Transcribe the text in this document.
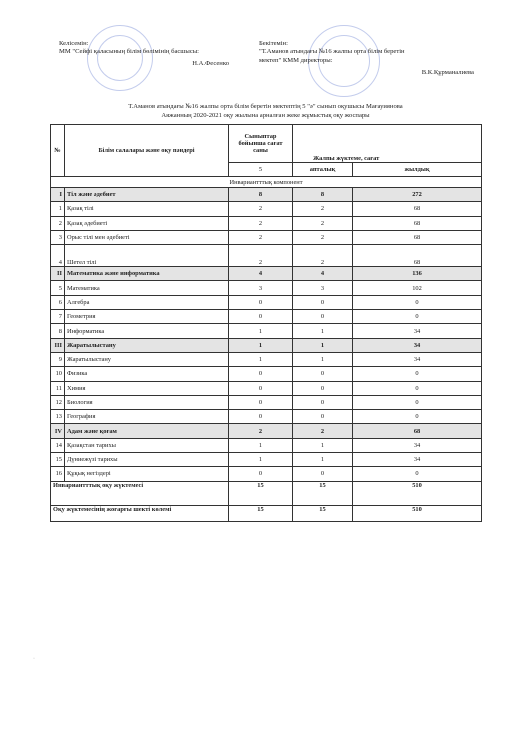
Келісемін:
ММ "Сейфі қаласының білім бөлімінің басшысы:
Н.А.Фесенко
Бекітемін:
"Т.Аманов атындағы №16 жалпы орта білім беретін
мектеп" КММ директоры:
В.К.Құрманалиева
Т.Аманов атындағы №16 жалпы орта білім беретін мектептің 5 "ә" сынып оқушысы Мағауиянова
Аяжанның 2020-2021 оқу жылына арналған жеке жұмыстық оқу жоспары
№	Білім салалары және оқу пәндері	Сыныптар бойынша сағат саны	Жалпы жүктеме, сағат	
		5	апталық	жылдық
Инвариантттық компонент				
I	Тіл және әдебиет	8	8	272
1	Қазақ тілі	2	2	68
2	Қазақ әдебиеті	2	2	68
3	Орыс тілі мен әдебиеті	2	2	68
4	Шетел тілі	2	2	68
II	Математика және информатика	4	4	136
5	Математика	3	3	102
6	Алгебра	0	0	0
7	Геометрия	0	0	0
8	Информатика	1	1	34
III	Жаратылыстану	1	1	34
9	Жаратылыстану	1	1	34
10	Физика	0	0	0
11	Химия	0	0	0
12	Биология	0	0	0
13	География	0	0	0
IV	Адам және қоғам	2	2	68
14	Қазақстан тарихы	1	1	34
15	Дүниежүзі тарихы	1	1	34
16	Құқық негіздері	0	0	0
Инвариантттық оқу жүктемесі		15	15	510
Оқу жүктемесінің жоғарғы шекті көлемі		15	15	510
·
